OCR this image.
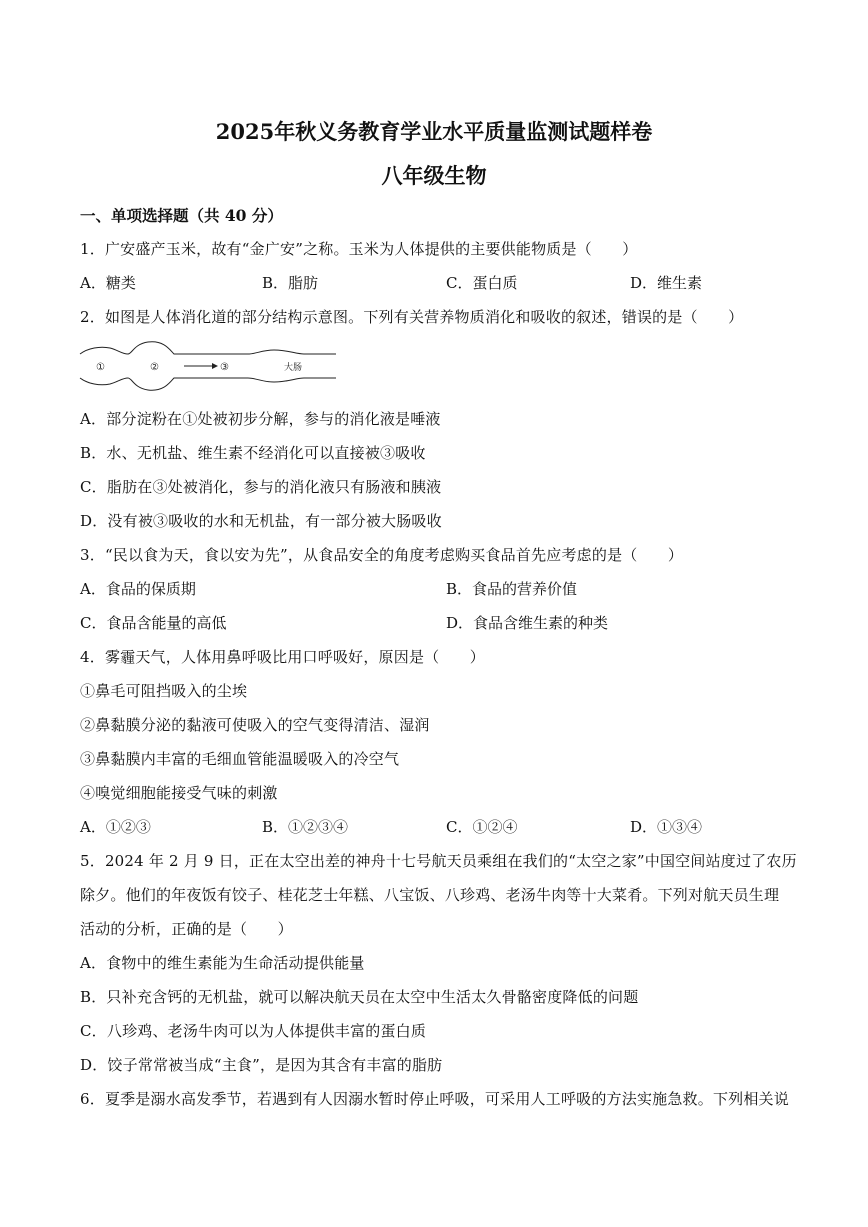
2025年秋义务教育学业水平质量监测试题样卷
八年级生物
一、单项选择题（共 40 分）
1．广安盛产玉米，故有“金广安”之称。玉米为人体提供的主要供能物质是（　　）
A．糖类	B．脂肪	C．蛋白质	D．维生素
2．如图是人体消化道的部分结构示意图。下列有关营养物质消化和吸收的叙述，错误的是（　　）
①	②	③	大肠
A．部分淀粉在①处被初步分解，参与的消化液是唾液
B．水、无机盐、维生素不经消化可以直接被③吸收
C．脂肪在③处被消化，参与的消化液只有肠液和胰液
D．没有被③吸收的水和无机盐，有一部分被大肠吸收
3．“民以食为天，食以安为先”，从食品安全的角度考虑购买食品首先应考虑的是（　　）
A．食品的保质期	B．食品的营养价值
C．食品含能量的高低	D．食品含维生素的种类
4．雾霾天气，人体用鼻呼吸比用口呼吸好，原因是（　　）
①鼻毛可阻挡吸入的尘埃
②鼻黏膜分泌的黏液可使吸入的空气变得清洁、湿润
③鼻黏膜内丰富的毛细血管能温暖吸入的冷空气
④嗅觉细胞能接受气味的刺激
A．①②③	B．①②③④	C．①②④	D．①③④
5．2024 年 2 月 9 日，正在太空出差的神舟十七号航天员乘组在我们的“太空之家”中国空间站度过了农历
除夕。他们的年夜饭有饺子、桂花芝士年糕、八宝饭、八珍鸡、老汤牛肉等十大菜肴。下列对航天员生理
活动的分析，正确的是（　　）
A．食物中的维生素能为生命活动提供能量
B．只补充含钙的无机盐，就可以解决航天员在太空中生活太久骨骼密度降低的问题
C．八珍鸡、老汤牛肉可以为人体提供丰富的蛋白质
D．饺子常常被当成“主食”，是因为其含有丰富的脂肪
6．夏季是溺水高发季节，若遇到有人因溺水暂时停止呼吸，可采用人工呼吸的方法实施急救。下列相关说
